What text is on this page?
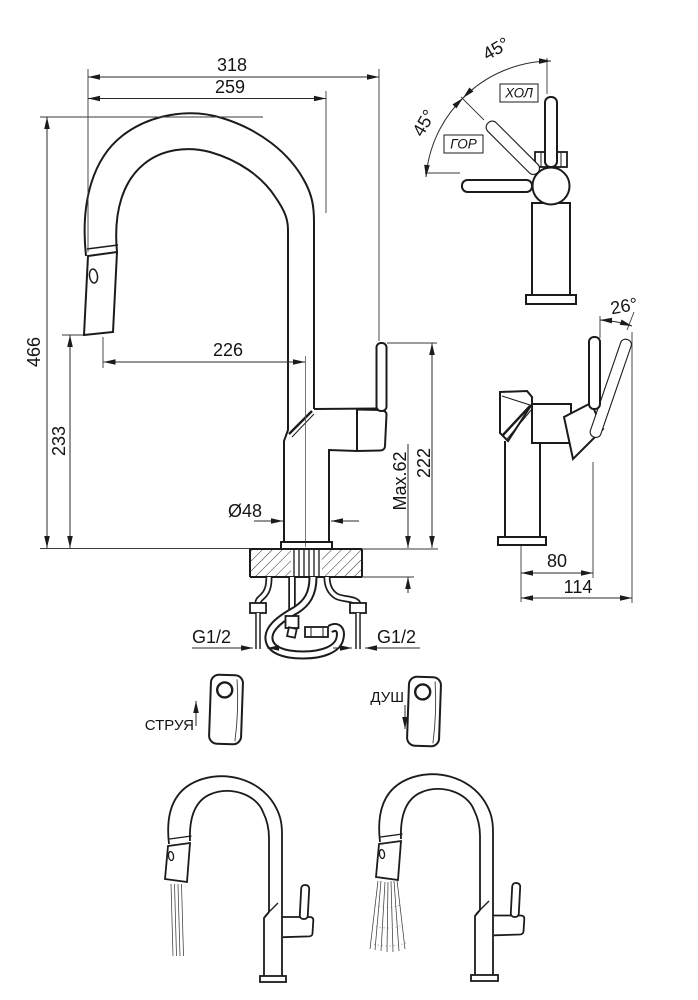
318
259
466
233
226
Ø48
222
Max.62
G1/2	G1/2
45°
45°
ХОЛ
ГОР
26°
80
114
СТРУЯ
ДУШ
